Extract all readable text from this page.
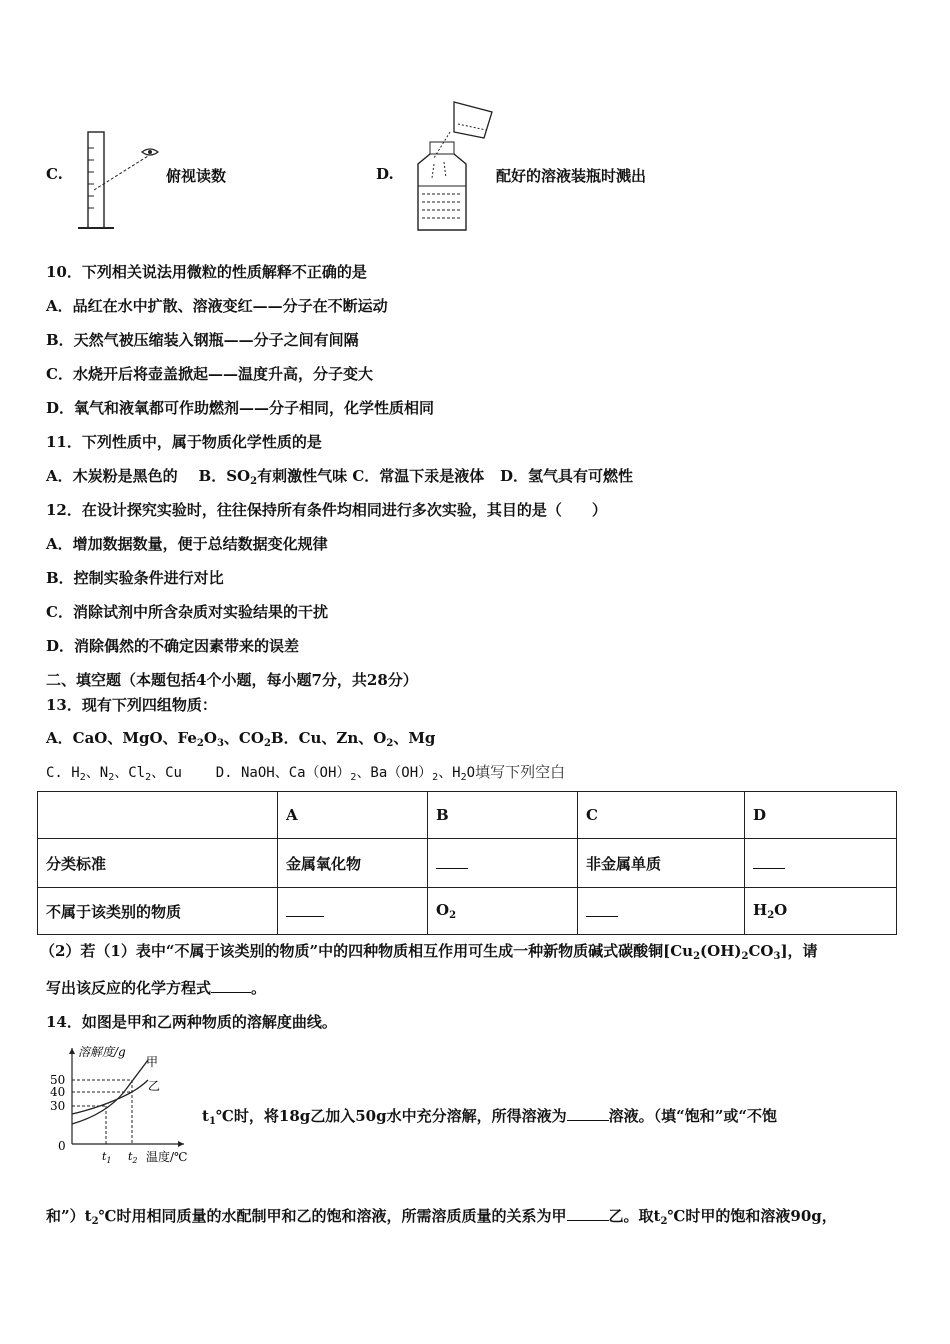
C.	俯视读数	D.	配好的溶液装瓶时溅出
10．下列相关说法用微粒的性质解释不正确的是
A．品红在水中扩散、溶液变红——分子在不断运动
B．天然气被压缩装入钢瓶——分子之间有间隔
C．水烧开后将壶盖掀起——温度升高，分子变大
D．氧气和液氧都可作助燃剂——分子相同，化学性质相同
11．下列性质中，属于物质化学性质的是
A．木炭粉是黑色的 B．$SO_2$有刺激性气味 C．常温下汞是液体 D．氢气具有可燃性
12．在设计探究实验时，往往保持所有条件均相同进行多次实验，其目的是（　　）
A．增加数据数量，便于总结数据变化规律
B．控制实验条件进行对比
C．消除试剂中所含杂质对实验结果的干扰
D．消除偶然的不确定因素带来的误差
二、填空题（本题包括4个小题，每小题7分，共28分）
13．现有下列四组物质：
A．CaO、MgO、$Fe_2O_3$、$CO_2B$．Cu、Zn、$O_2$、Mg
C. $H_2$、$N_2$、$Cl_2$、Cu D. NaOH、$Ca(OH)_2$、$Ba(OH)_2$、$H_2O$填写下列空白
	A	B	C	D
分类标准	金属氧化物		非金属单质	
不属于该类别的物质		$O_2$		$H_2O$
（2）若（1）表中“不属于该类别的物质”中的四种物质相互作用可生成一种新物质碱式碳酸铜$[Cu_2(OH)_2CO_3]$，请
写出该反应的化学方程式	。
14．如图是甲和乙两种物质的溶解度曲线。
溶解度/g
甲
乙
50
40
30
0
$t_1$ $t_2$ 温度/℃
$t_1℃$时，将18g乙加入50g水中充分溶解，所得溶液为	溶液。（填“饱和”或“不饱
和$”)t_2℃$时用相同质量的水配制甲和乙的饱和溶液，所需溶质质量的关系为甲	乙。取$t_2℃$时甲的饱和溶液90g，
